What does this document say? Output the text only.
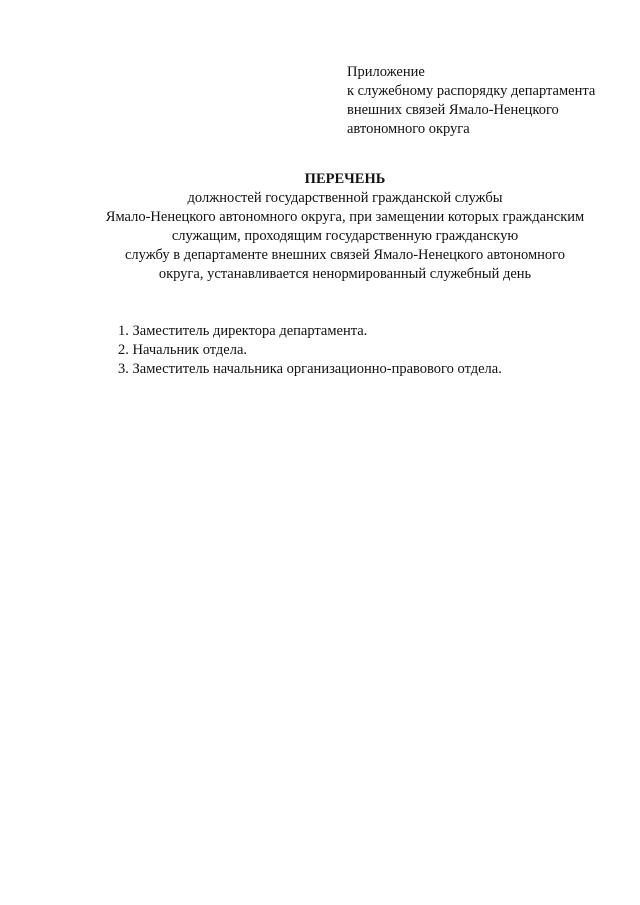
Приложение
к служебному распорядку департамента
внешних связей Ямало-Ненецкого
автономного округа
ПЕРЕЧЕНЬ
должностей государственной гражданской службы
Ямало-Ненецкого автономного округа, при замещении которых гражданским
служащим, проходящим государственную гражданскую
службу в департаменте внешних связей Ямало-Ненецкого автономного
округа, устанавливается ненормированный служебный день
1. Заместитель директора департамента.
2. Начальник отдела.
3. Заместитель начальника организационно-правового отдела.
